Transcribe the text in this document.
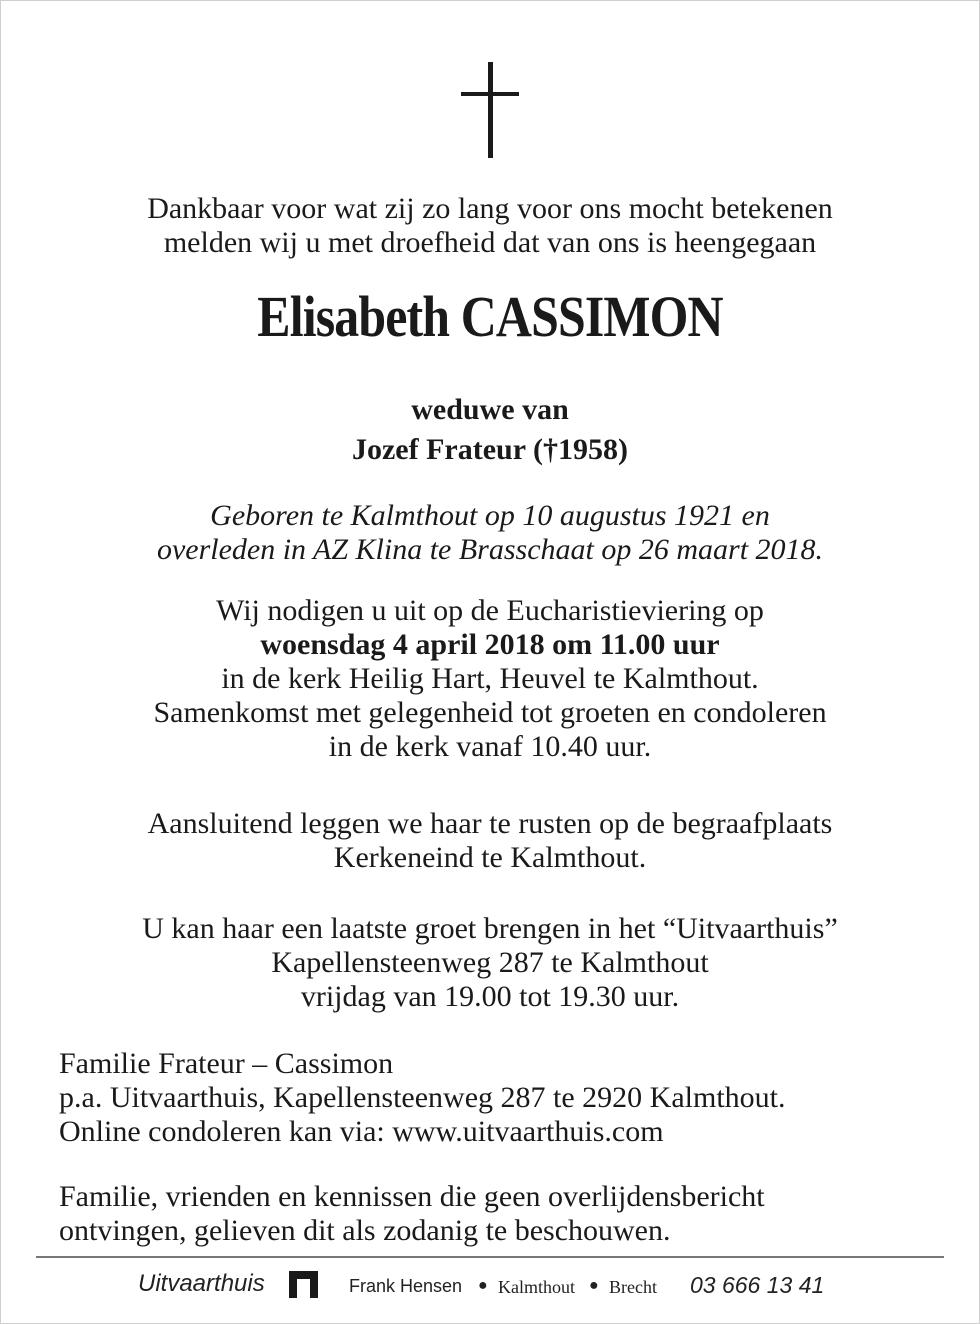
Dankbaar voor wat zij zo lang voor ons mocht betekenen
melden wij u met droefheid dat van ons is heengegaan
Elisabeth CASSIMON
weduwe van
Jozef Frateur (†1958)
Geboren te Kalmthout op 10 augustus 1921 en
overleden in AZ Klina te Brasschaat op 26 maart 2018.
Wij nodigen u uit op de Eucharistieviering op
woensdag 4 april 2018 om 11.00 uur
in de kerk Heilig Hart, Heuvel te Kalmthout.
Samenkomst met gelegenheid tot groeten en condoleren
in de kerk vanaf 10.40 uur.
Aansluitend leggen we haar te rusten op de begraafplaats
Kerkeneind te Kalmthout.
U kan haar een laatste groet brengen in het “Uitvaarthuis”
Kapellensteenweg 287 te Kalmthout
vrijdag van 19.00 tot 19.30 uur.
Familie Frateur – Cassimon
p.a. Uitvaarthuis, Kapellensteenweg 287 te 2920 Kalmthout.
Online condoleren kan via: www.uitvaarthuis.com
Familie, vrienden en kennissen die geen overlijdensbericht
ontvingen, gelieven dit als zodanig te beschouwen.
Uitvaarthuis	Frank Hensen ● Kalmthout ● Brecht 03 666 13 41
